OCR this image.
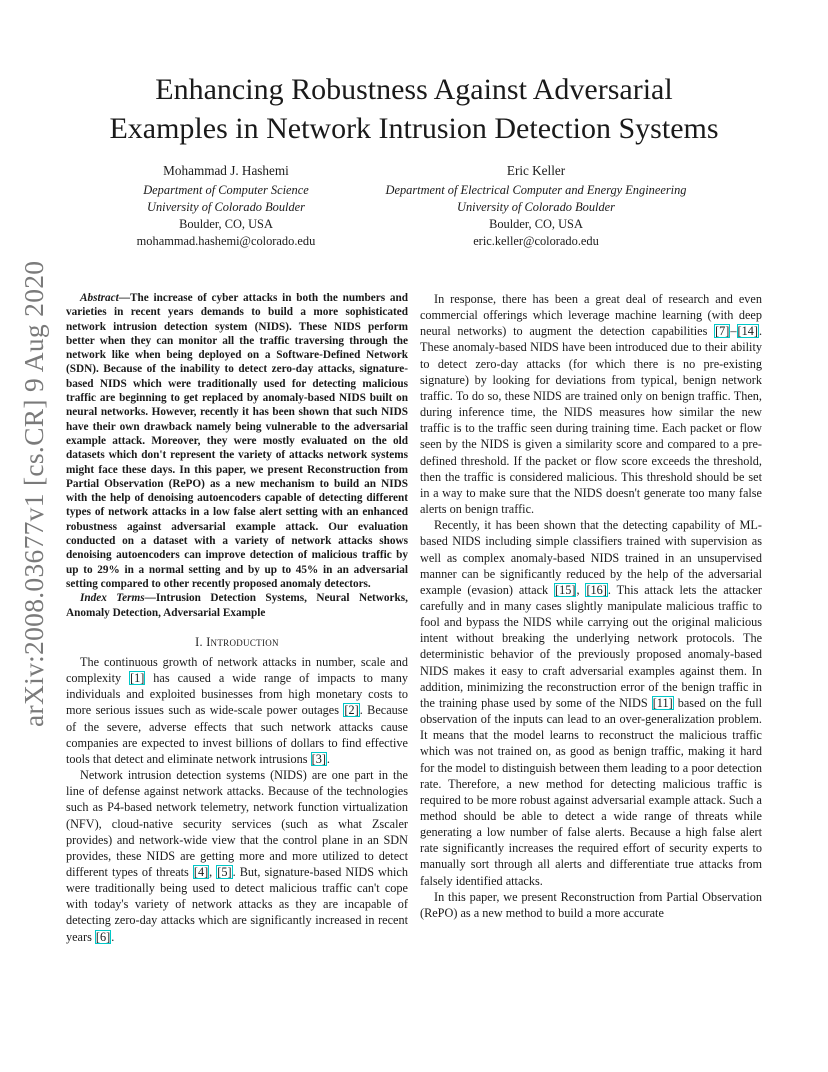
arXiv:2008.03677v1 [cs.CR] 9 Aug 2020
Enhancing Robustness Against Adversarial
Examples in Network Intrusion Detection Systems
Mohammad J. Hashemi
Department of Computer Science
University of Colorado Boulder
Boulder, CO, USA
mohammad.hashemi@colorado.edu
Eric Keller
Department of Electrical Computer and Energy Engineering
University of Colorado Boulder
Boulder, CO, USA
eric.keller@colorado.edu

Abstract—The increase of cyber attacks in both the numbers and varieties in recent years demands to build a more sophisticated network intrusion detection system (NIDS). These NIDS perform better when they can monitor all the traffic traversing through the network like when being deployed on a Software-Defined Network (SDN). Because of the inability to detect zero-day attacks, signature-based NIDS which were traditionally used for detecting malicious traffic are beginning to get replaced by anomaly-based NIDS built on neural networks. However, recently it has been shown that such NIDS have their own drawback namely being vulnerable to the adversarial example attack. Moreover, they were mostly evaluated on the old datasets which don't represent the variety of attacks network systems might face these days. In this paper, we present Reconstruction from Partial Observation (RePO) as a new mechanism to build an NIDS with the help of denoising autoencoders capable of detecting different types of network attacks in a low false alert setting with an enhanced robustness against adversarial example attack. Our evaluation conducted on a dataset with a variety of network attacks shows denoising autoencoders can improve detection of malicious traffic by up to 29% in a normal setting and by up to 45% in an adversarial setting compared to other recently proposed anomaly detectors.

Index Terms—Intrusion Detection Systems, Neural Networks, Anomaly Detection, Adversarial Example

I. Introduction

The continuous growth of network attacks in number, scale and complexity [1] has caused a wide range of impacts to many individuals and exploited businesses from high monetary costs to more serious issues such as wide-scale power outages [2]. Because of the severe, adverse effects that such network attacks cause companies are expected to invest billions of dollars to find effective tools that detect and eliminate network intrusions [3].

Network intrusion detection systems (NIDS) are one part in the line of defense against network attacks. Because of the technologies such as P4-based network telemetry, network function virtualization (NFV), cloud-native security services (such as what Zscaler provides) and network-wide view that the control plane in an SDN provides, these NIDS are getting more and more utilized to detect different types of threats [4], [5]. But, signature-based NIDS which were traditionally being used to detect malicious traffic can't cope with today's variety of network attacks as they are incapable of detecting zero-day attacks which are significantly increased in recent years [6].

In response, there has been a great deal of research and even commercial offerings which leverage machine learning (with deep neural networks) to augment the detection capabilities [7]–[14]. These anomaly-based NIDS have been introduced due to their ability to detect zero-day attacks (for which there is no pre-existing signature) by looking for deviations from typical, benign network traffic. To do so, these NIDS are trained only on benign traffic. Then, during inference time, the NIDS measures how similar the new traffic is to the traffic seen during training time. Each packet or flow seen by the NIDS is given a similarity score and compared to a pre-defined threshold. If the packet or flow score exceeds the threshold, then the traffic is considered malicious. This threshold should be set in a way to make sure that the NIDS doesn't generate too many false alerts on benign traffic.

Recently, it has been shown that the detecting capability of ML-based NIDS including simple classifiers trained with supervision as well as complex anomaly-based NIDS trained in an unsupervised manner can be significantly reduced by the help of the adversarial example (evasion) attack [15], [16]. This attack lets the attacker carefully and in many cases slightly manipulate malicious traffic to fool and bypass the NIDS while carrying out the original malicious intent without breaking the underlying network protocols. The deterministic behavior of the previously proposed anomaly-based NIDS makes it easy to craft adversarial examples against them. In addition, minimizing the reconstruction error of the benign traffic in the training phase used by some of the NIDS [11] based on the full observation of the inputs can lead to an over-generalization problem. It means that the model learns to reconstruct the malicious traffic which was not trained on, as good as benign traffic, making it hard for the model to distinguish between them leading to a poor detection rate. Therefore, a new method for detecting malicious traffic is required to be more robust against adversarial example attack. Such a method should be able to detect a wide range of threats while generating a low number of false alerts. Because a high false alert rate significantly increases the required effort of security experts to manually sort through all alerts and differentiate true attacks from falsely identified attacks.

In this paper, we present Reconstruction from Partial Observation (RePO) as a new method to build a more accurate
